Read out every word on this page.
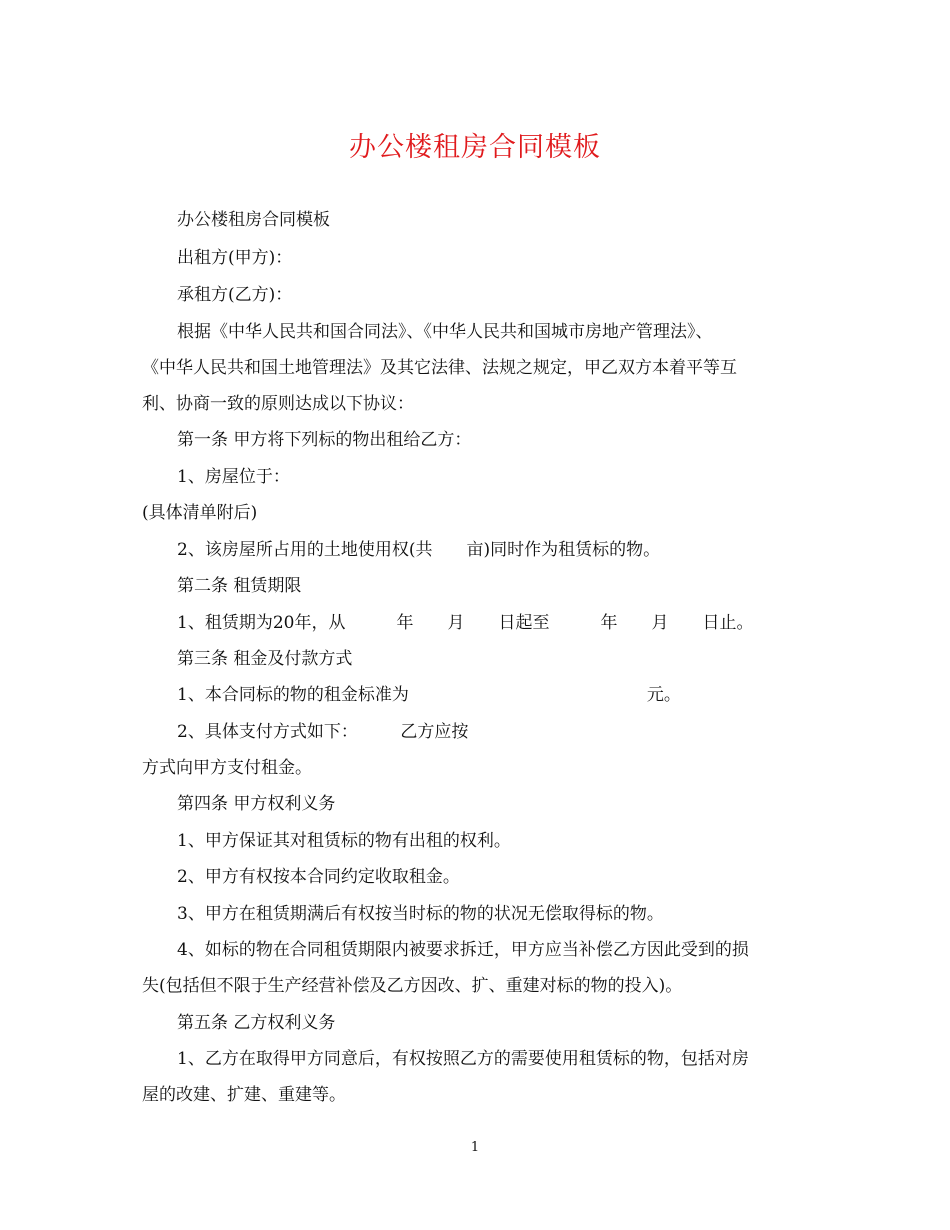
办公楼租房合同模板
办公楼租房合同模板
出租方(甲方)：
承租方(乙方)：
根据《中华人民共和国合同法》、《中华人民共和国城市房地产管理法》、
《中华人民共和国土地管理法》及其它法律、法规之规定，甲乙双方本着平等互
利、协商一致的原则达成以下协议：
第一条 甲方将下列标的物出租给乙方：
1、房屋位于：
(具体清单附后)
2、该房屋所占用的土地使用权(共　　亩)同时作为租赁标的物。
第二条 租赁期限
1、租赁期为20年，从　　　年　　月　　日起至　　　年　　月　　日止。
第三条 租金及付款方式
1、本合同标的物的租金标准为　　　　　　　　　　　　　　元。
2、具体支付方式如下：　　　乙方应按
方式向甲方支付租金。
第四条 甲方权利义务
1、甲方保证其对租赁标的物有出租的权利。
2、甲方有权按本合同约定收取租金。
3、甲方在租赁期满后有权按当时标的物的状况无偿取得标的物。
4、如标的物在合同租赁期限内被要求拆迁，甲方应当补偿乙方因此受到的损
失(包括但不限于生产经营补偿及乙方因改、扩、重建对标的物的投入)。
第五条 乙方权利义务
1、乙方在取得甲方同意后，有权按照乙方的需要使用租赁标的物，包括对房
屋的改建、扩建、重建等。
1
